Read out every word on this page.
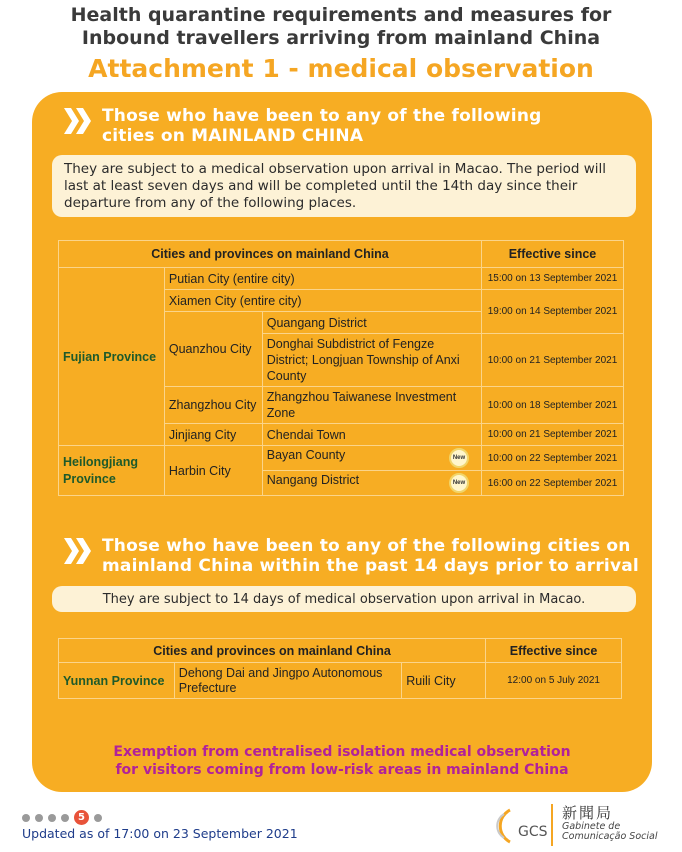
Health quarantine requirements and measures for
Inbound travellers arriving from mainland China
Attachment 1 - medical observation
Those who have been to any of the following
cities on MAINLAND CHINA
They are subject to a medical observation upon arrival in Macao. The period will last at least seven days and will be completed until the 14th day since their departure from any of the following places.
Cities and provinces on mainland China			Effective since
Fujian Province	Putian City (entire city)		15:00 on 13 September 2021
	Xiamen City (entire city)		19:00 on 14 September 2021
	Quanzhou City	Quangang District	
		Donghai Subdistrict of Fengze District; Longjuan Township of Anxi County	10:00 on 21 September 2021
	Zhangzhou City	Zhangzhou Taiwanese Investment Zone	10:00 on 18 September 2021
	Jinjiang City	Chendai Town	10:00 on 21 September 2021

Heilongjiang Province	Harbin City	Bayan County New	10:00 on 22 September 2021
		Nangang District New	16:00 on 22 September 2021
Those who have been to any of the following cities on
mainland China within the past 14 days prior to arrival
They are subject to 14 days of medical observation upon arrival in Macao.
Cities and provinces on mainland China			Effective since
Yunnan Province	Dehong Dai and Jingpo Autonomous Prefecture	Ruili City	12:00 on 5 July 2021
Exemption from centralised isolation medical observation
for visitors coming from low-risk areas in mainland China
5
Updated as of 17:00 on 23 September 2021	GCS
新聞局
Gabinete de
Comunicação Social
